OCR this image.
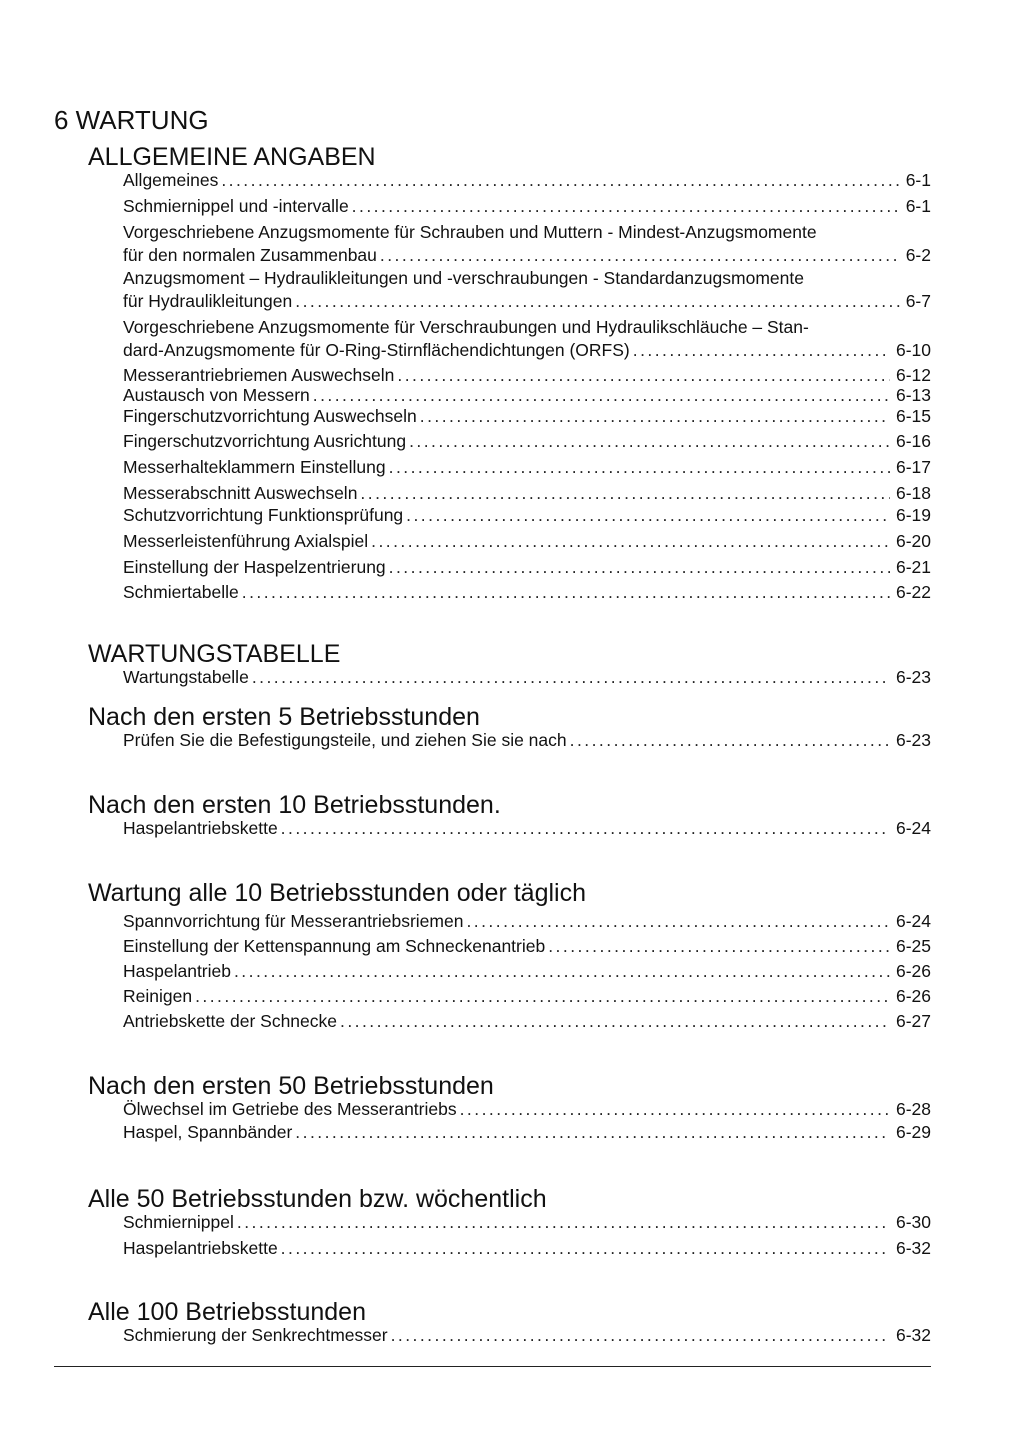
6 WARTUNG
ALLGEMEINE ANGABEN
Allgemeines . . .	6-1
Schmiernippel und -intervalle . . .	6-1
Vorgeschriebene Anzugsmomente für Schrauben und Muttern - Mindest-Anzugsmomente
für den normalen Zusammenbau . . .	6-2
Anzugsmoment – Hydraulikleitungen und -verschraubungen - Standardanzugsmomente
für Hydraulikleitungen . . .	6-7
Vorgeschriebene Anzugsmomente für Verschraubungen und Hydraulikschläuche – Stan-
dard-Anzugsmomente für O-Ring-Stirnflächendichtungen (ORFS) . . .	6-10
Messerantriebriemen Auswechseln . . .	6-12
Austausch von Messern . . .	6-13
Fingerschutzvorrichtung Auswechseln . . .	6-15
Fingerschutzvorrichtung Ausrichtung . . .	6-16
Messerhalteklammern Einstellung . . .	6-17
Messerabschnitt Auswechseln . . .	6-18
Schutzvorrichtung Funktionsprüfung . . .	6-19
Messerleistenführung Axialspiel . . .	6-20
Einstellung der Haspelzentrierung . . .	6-21
Schmiertabelle . . .	6-22
WARTUNGSTABELLE
Wartungstabelle . . .	6-23
Nach den ersten 5 Betriebsstunden
Prüfen Sie die Befestigungsteile, und ziehen Sie sie nach . . .	6-23
Nach den ersten 10 Betriebsstunden.
Haspelantriebskette . . .	6-24
Wartung alle 10 Betriebsstunden oder täglich
Spannvorrichtung für Messerantriebsriemen . . .	6-24
Einstellung der Kettenspannung am Schneckenantrieb . . .	6-25
Haspelantrieb . . .	6-26
Reinigen . . .	6-26
Antriebskette der Schnecke . . .	6-27
Nach den ersten 50 Betriebsstunden
Ölwechsel im Getriebe des Messerantriebs . . .	6-28
Haspel, Spannbänder . . .	6-29
Alle 50 Betriebsstunden bzw. wöchentlich
Schmiernippel . . .	6-30
Haspelantriebskette . . .	6-32
Alle 100 Betriebsstunden
Schmierung der Senkrechtmesser . . .	6-32
